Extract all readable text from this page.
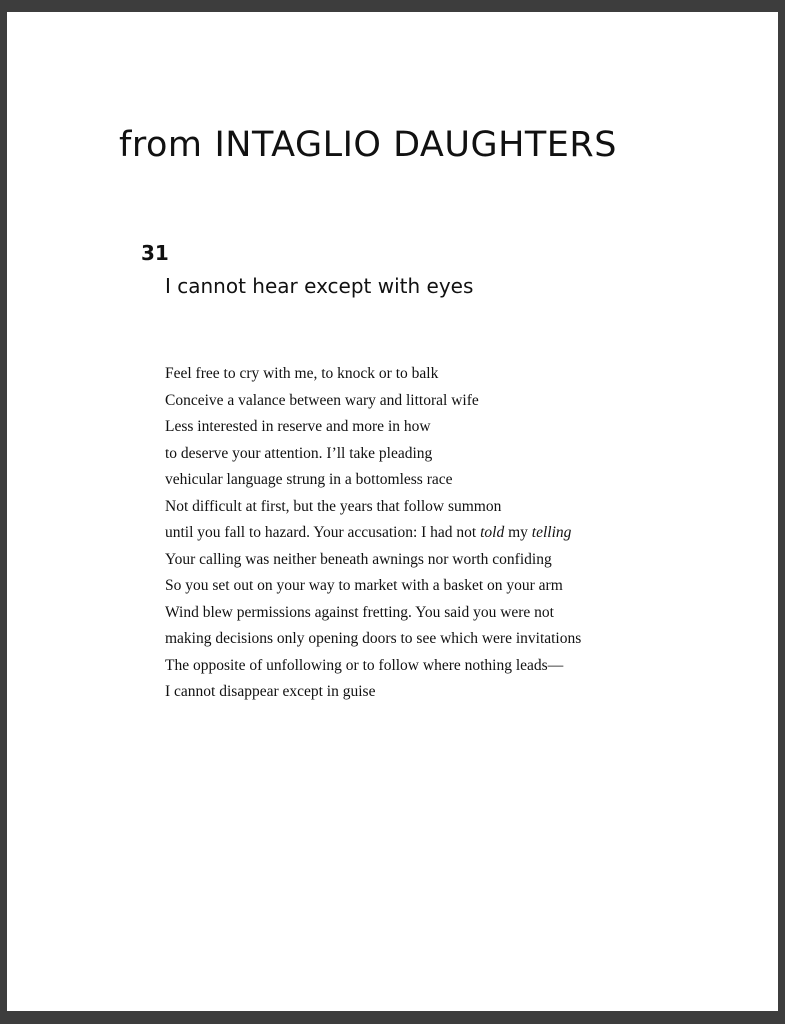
from INTAGLIO DAUGHTERS
31
I cannot hear except with eyes
Feel free to cry with me, to knock or to balk
Conceive a valance between wary and littoral wife
Less interested in reserve and more in how
to deserve your attention. I’ll take pleading
vehicular language strung in a bottomless race
Not difficult at first, but the years that follow summon
until you fall to hazard. Your accusation: I had not told my telling
Your calling was neither beneath awnings nor worth confiding
So you set out on your way to market with a basket on your arm
Wind blew permissions against fretting. You said you were not
making decisions only opening doors to see which were invitations
The opposite of unfollowing or to follow where nothing leads—
I cannot disappear except in guise
